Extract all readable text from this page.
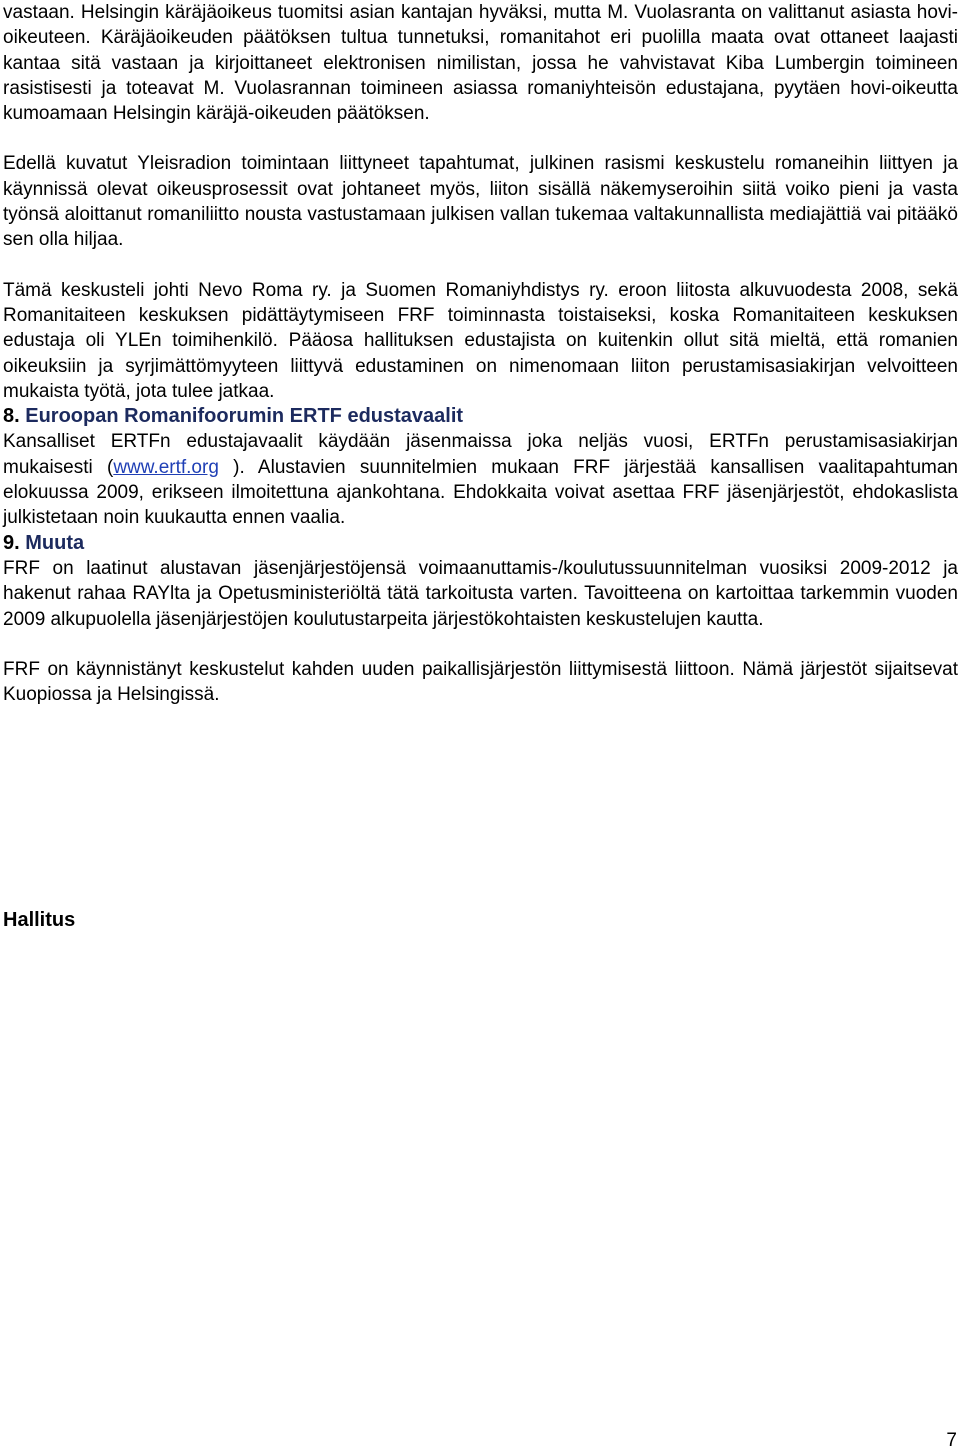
vastaan. Helsingin käräjäoikeus tuomitsi asian kantajan hyväksi, mutta M. Vuolasranta on valittanut asiasta hovi-oikeuteen. Käräjäoikeuden päätöksen tultua tunnetuksi, romanitahot eri puolilla maata ovat ottaneet laajasti kantaa sitä vastaan ja kirjoittaneet elektronisen nimilistan, jossa he vahvistavat Kiba Lumbergin toimineen rasistisesti ja toteavat M. Vuolasrannan toimineen asiassa romaniyhteisön edustajana, pyytäen hovi-oikeutta kumoamaan Helsingin käräjä-oikeuden päätöksen.

Edellä kuvatut Yleisradion toimintaan liittyneet tapahtumat, julkinen rasismi keskustelu romaneihin liittyen ja käynnissä olevat oikeusprosessit ovat johtaneet myös, liiton sisällä näkemyseroihin siitä voiko pieni ja vasta työnsä aloittanut romaniliitto nousta vastustamaan julkisen vallan tukemaa valtakunnallista mediajättiä vai pitääkö sen olla hiljaa.

Tämä keskusteli johti Nevo Roma ry. ja Suomen Romaniyhdistys ry. eroon liitosta alkuvuodesta 2008, sekä Romanitaiteen keskuksen pidättäytymiseen FRF toiminnasta toistaiseksi, koska Romanitaiteen keskuksen edustaja oli YLEn toimihenkilö. Pääosa hallituksen edustajista on kuitenkin ollut sitä mieltä, että romanien oikeuksiin ja syrjimättömyyteen liittyvä edustaminen on nimenomaan liiton perustamisasiakirjan velvoitteen mukaista työtä, jota tulee jatkaa.

8. Euroopan Romanifoorumin ERTF edustavaalit

Kansalliset ERTFn edustajavaalit käydään jäsenmaissa joka neljäs vuosi, ERTFn perustamisasiakirjan mukaisesti (www.ertf.org ). Alustavien suunnitelmien mukaan FRF järjestää kansallisen vaalitapahtuman elokuussa 2009, erikseen ilmoitettuna ajankohtana. Ehdokkaita voivat asettaa FRF jäsenjärjestöt, ehdokaslista julkistetaan noin kuukautta ennen vaalia.

9. Muuta

FRF on laatinut alustavan jäsenjärjestöjensä voimaanuttamis-/koulutussuunnitelman vuosiksi 2009-2012 ja hakenut rahaa RAYlta ja Opetusministeriöltä tätä tarkoitusta varten. Tavoitteena on kartoittaa tarkemmin vuoden 2009 alkupuolella jäsenjärjestöjen koulutustarpeita järjestökohtaisten keskustelujen kautta.

FRF on käynnistänyt keskustelut kahden uuden paikallisjärjestön liittymisestä liittoon. Nämä järjestöt sijaitsevat Kuopiossa ja Helsingissä.

Hallitus
7
